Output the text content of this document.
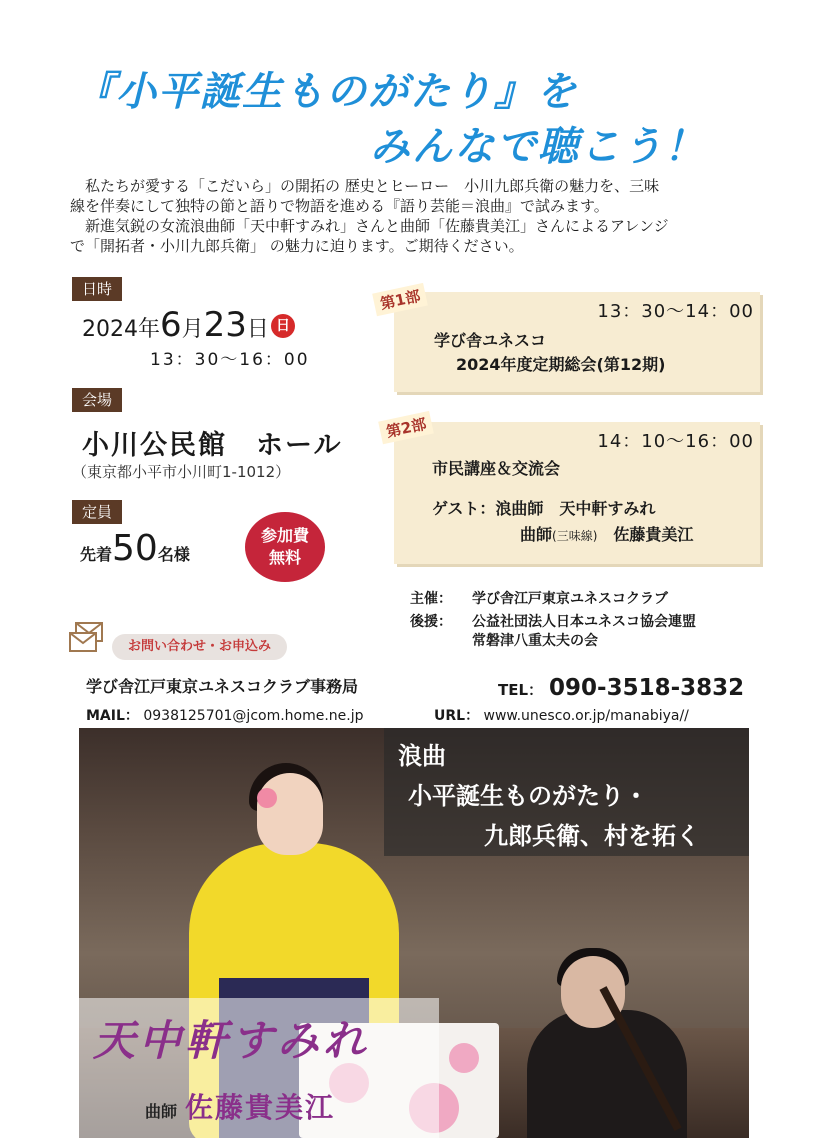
『小平誕生ものがたり』を
みんなで聴こう！

　私たちが愛する「こだいら」の開拓の 歴史とヒーロー　小川九郎兵衛の魅力を、三味

線を伴奏にして独特の節と語りで物語を進める『語り芸能＝浪曲』で試みます。

　新進気鋭の女流浪曲師「天中軒すみれ」さんと曲師「佐藤貴美江」さんによるアレンジ

で「開拓者・小川九郎兵衛」 の魅力に迫ります。ご期待ください。

日時
2024年6月23日 日
13：30〜16：00
会場
小川公民館　ホール
（東京都小平市小川町1-1012）
定員
先着50名様
参加費
無料
13：30〜14：00
学び舎ユネスコ
2024年度定期総会(第12期)
第1部
14：10〜16：00
市民講座＆交流会
ゲスト：浪曲師　天中軒すみれ
曲師(三味線)　 佐藤貴美江
第2部
主催：	学び舎江戸東京ユネスコクラブ
後援：	公益社団法人日本ユネスコ協会連盟
常磐津八重太夫の会
お問い合わせ・お申込み
学び舎江戸東京ユネスコクラブ事務局	TEL： 090-3518-3832
MAIL： 0938125701@jcom.home.ne.jp	URL： www.unesco.or.jp/manabiya//
浪曲
小平誕生ものがたり・
九郎兵衛、村を拓く
天中軒すみれ
曲師 佐藤貴美江
